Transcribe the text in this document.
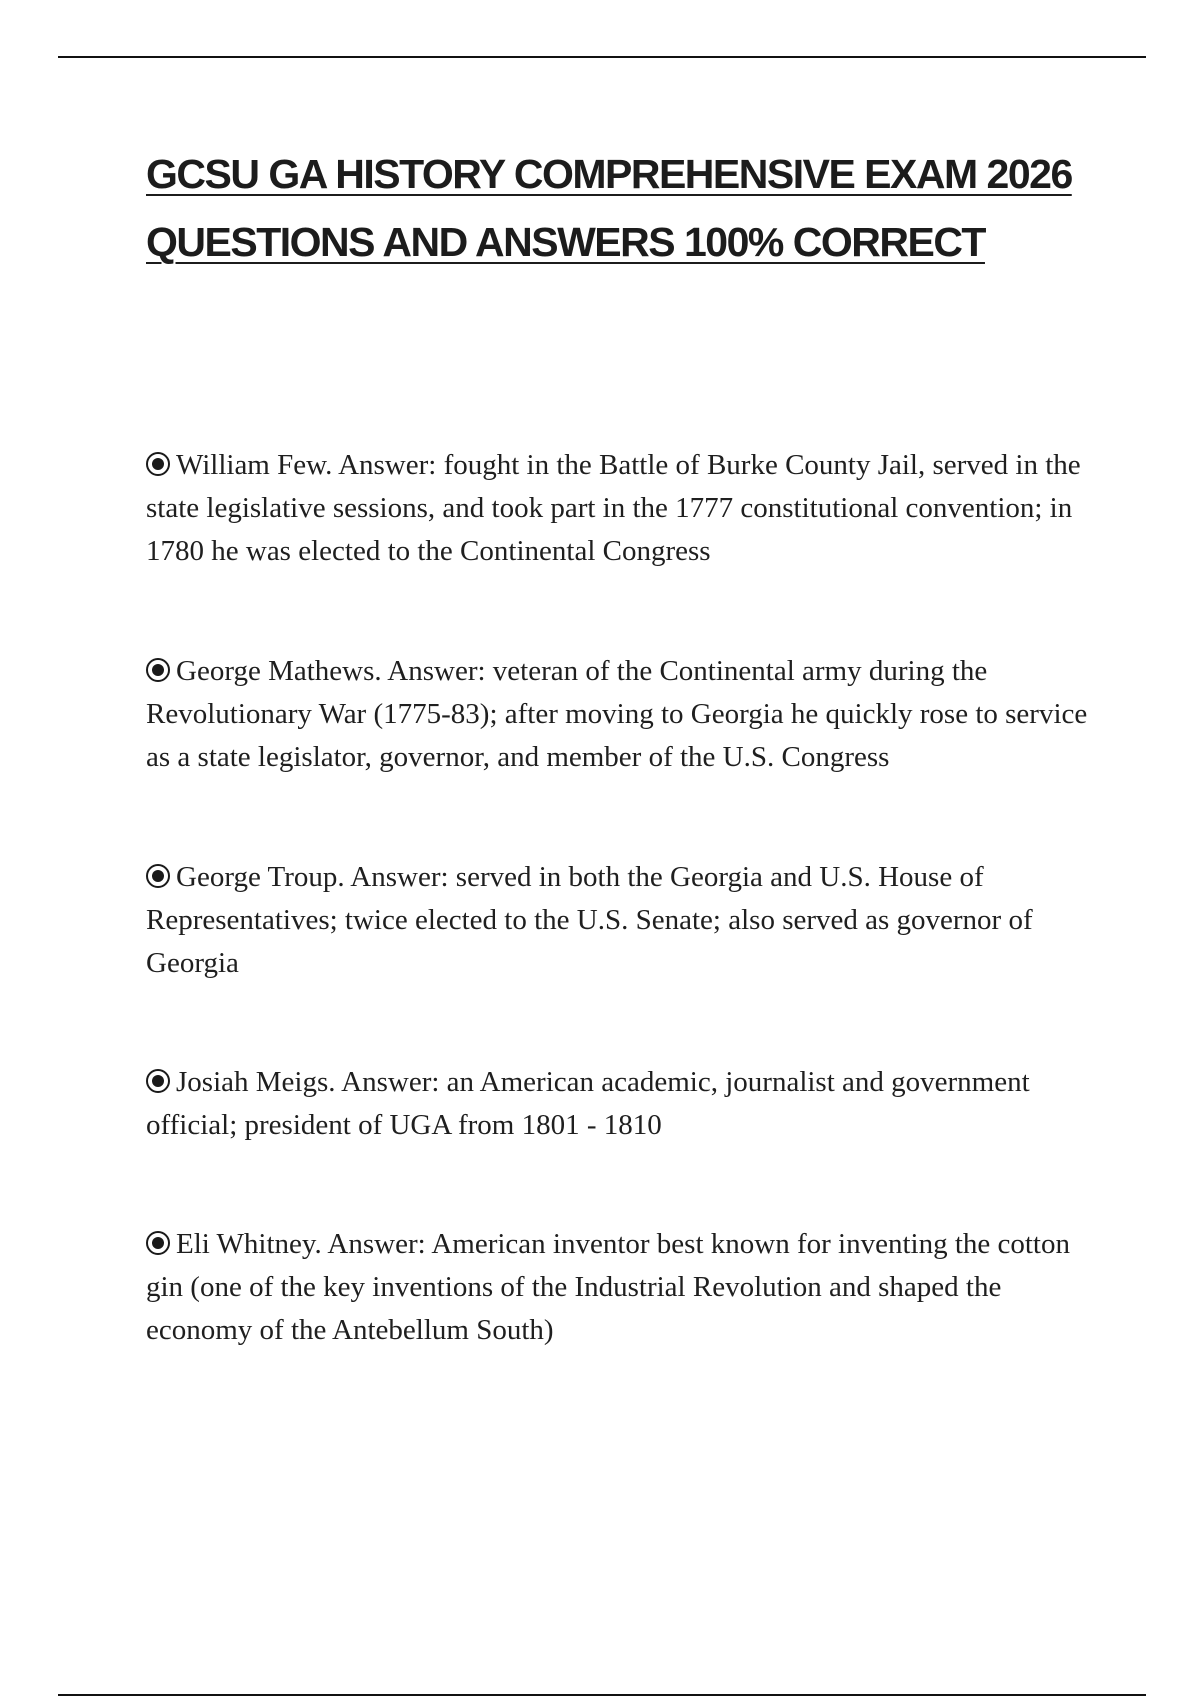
GCSU GA HISTORY COMPREHENSIVE EXAM 2026 QUESTIONS AND ANSWERS 100% CORRECT

William Few. Answer: fought in the Battle of Burke County Jail, served in the state legislative sessions, and took part in the 1777 constitutional convention; in 1780 he was elected to the Continental Congress

George Mathews. Answer: veteran of the Continental army during the Revolutionary War (1775-83); after moving to Georgia he quickly rose to service as a state legislator, governor, and member of the U.S. Congress

George Troup. Answer: served in both the Georgia and U.S. House of Representatives; twice elected to the U.S. Senate; also served as governor of Georgia

Josiah Meigs. Answer: an American academic, journalist and government official; president of UGA from 1801 - 1810

Eli Whitney. Answer: American inventor best known for inventing the cotton gin (one of the key inventions of the Industrial Revolution and shaped the economy of the Antebellum South)
